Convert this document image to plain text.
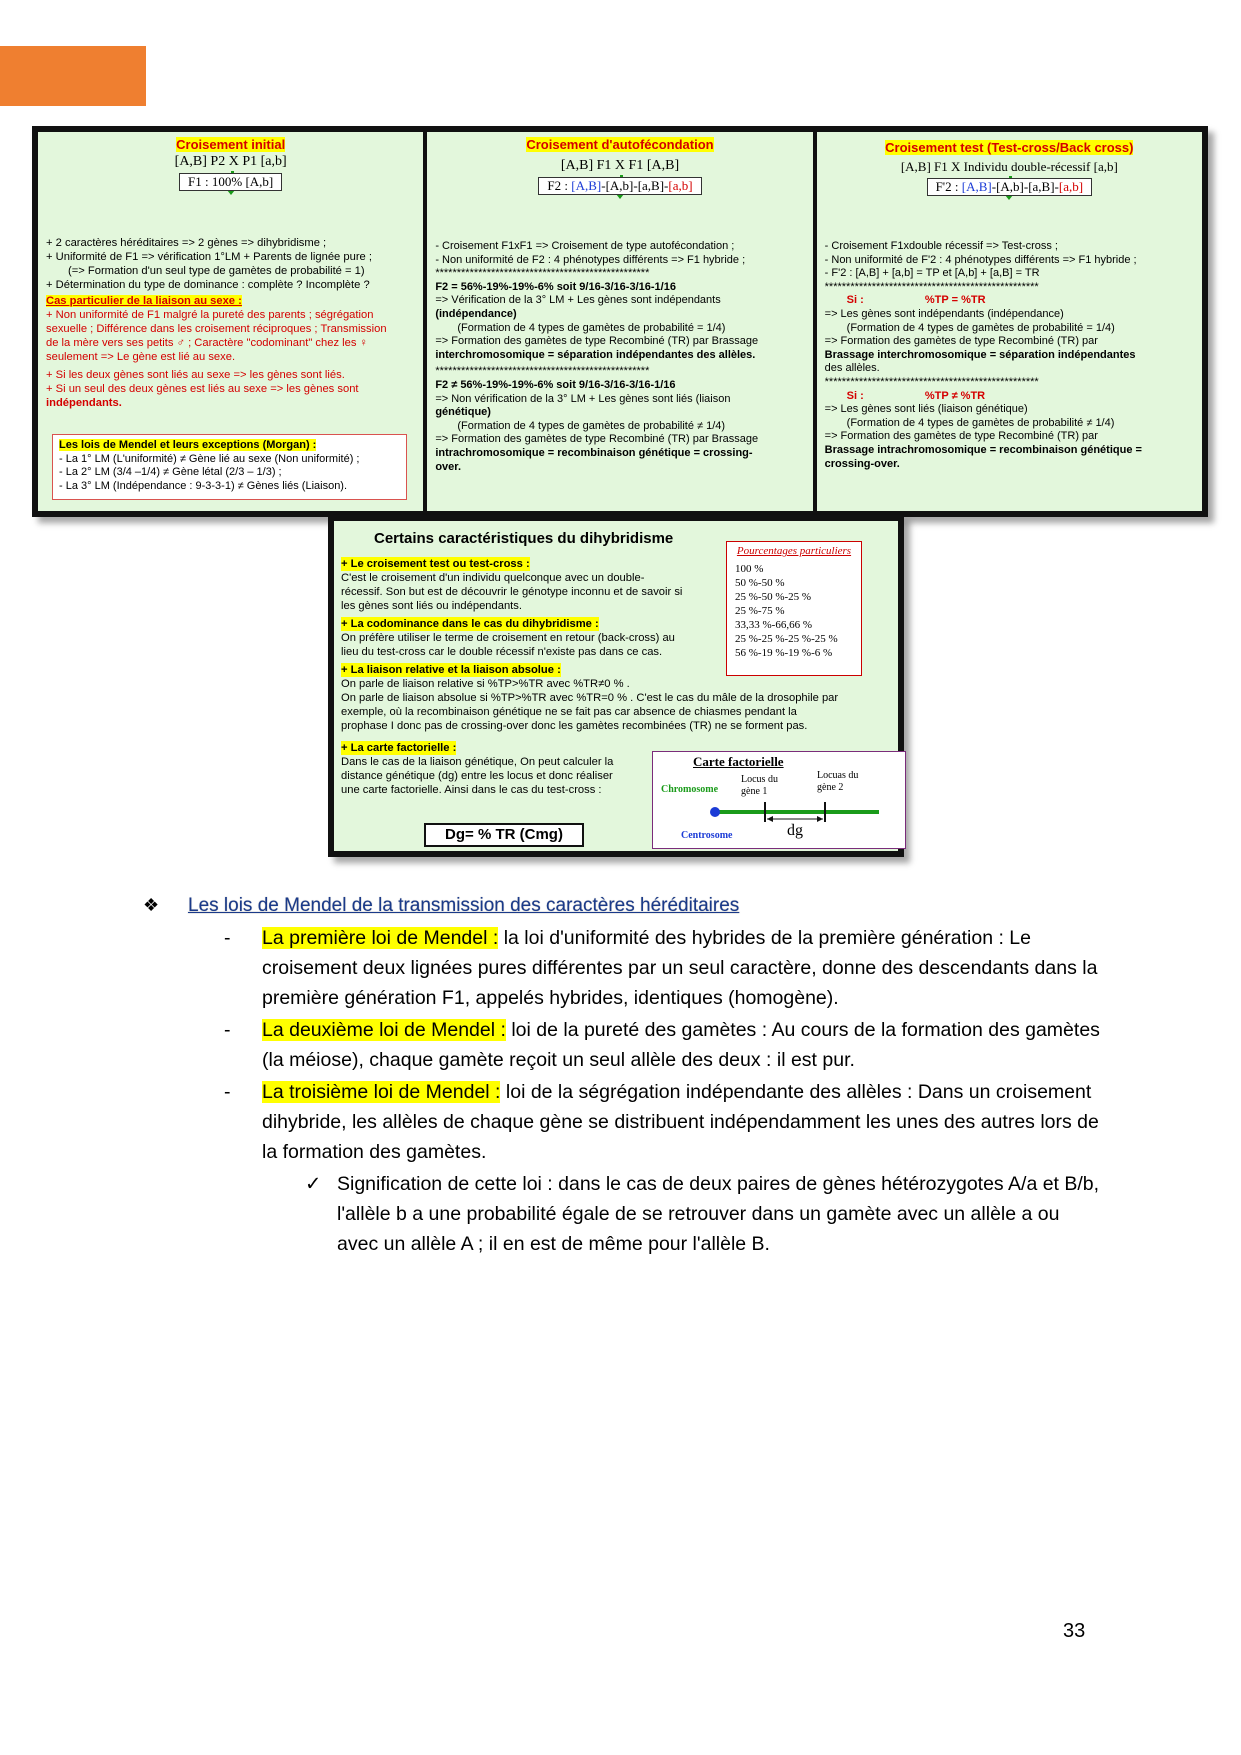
Croisement initial
[A,B] P2 X P1 [a,b]
F1 : 100% [A,b]
+ 2 caractères héréditaires => 2 gènes => dihybridisme ;
+ Uniformité de F1 => vérification 1°LM + Parents de lignée pure ;
(=> Formation d'un seul type de gamètes de probabilité = 1)
+ Détermination du type de dominance : complète ? Incomplète ?
Cas particulier de la liaison au sexe :
+ Non uniformité de F1 malgré la pureté des parents ; ségrégation
sexuelle ; Différence dans les croisement réciproques ; Transmission
de la mère vers ses petits ♂ ; Caractère "codominant" chez les ♀
seulement => Le gène est lié au sexe.
+ Si les deux gènes sont liés au sexe => les gènes sont liés.
+ Si un seul des deux gènes est liés au sexe => les gènes sont
indépendants.
Les lois de Mendel et leurs exceptions (Morgan) :
- La 1° LM (L'uniformité) ≠ Gène lié au sexe (Non uniformité) ;
- La 2° LM (3/4 –1/4) ≠ Gène létal (2/3 – 1/3) ;
- La 3° LM (Indépendance : 9-3-3-1) ≠ Gènes liés (Liaison).
Croisement d'autofécondation
[A,B] F1 X F1 [A,B]
F2 : [A,B]-[A,b]-[a,B]-[a,b]
- Croisement F1xF1 => Croisement de type autofécondation ;
- Non uniformité de F2 : 4 phénotypes différents => F1 hybride ;
**************************************************
F2 = 56%-19%-19%-6% soit 9/16-3/16-3/16-1/16
=> Vérification de la 3° LM + Les gènes sont indépendants
(indépendance)
(Formation de 4 types de gamètes de probabilité = 1/4)
=> Formation des gamètes de type Recombiné (TR) par Brassage
interchromosomique = séparation indépendantes des allèles.
**************************************************
F2 ≠ 56%-19%-19%-6% soit 9/16-3/16-3/16-1/16
=> Non vérification de la 3° LM + Les gènes sont liés (liaison
génétique)
(Formation de 4 types de gamètes de probabilité ≠ 1/4)
=> Formation des gamètes de type Recombiné (TR) par Brassage
intrachromosomique = recombinaison génétique = crossing-
over.
Croisement test (Test-cross/Back cross)
[A,B] F1 X Individu double-récessif [a,b]
F'2 : [A,B]-[A,b]-[a,B]-[a,b]
- Croisement F1xdouble récessif => Test-cross ;
- Non uniformité de F'2 : 4 phénotypes différents => F1 hybride ;
- F'2 : [A,B] + [a,b] = TP et [A,b] + [a,B] = TR
**************************************************
Si :                    %TP = %TR
=> Les gènes sont indépendants (indépendance)
(Formation de 4 types de gamètes de probabilité = 1/4)
=> Formation des gamètes de type Recombiné (TR) par
Brassage interchromosomique = séparation indépendantes
des allèles.
**************************************************
Si :                    %TP ≠ %TR
=> Les gènes sont liés (liaison génétique)
(Formation de 4 types de gamètes de probabilité ≠ 1/4)
=> Formation des gamètes de type Recombiné (TR) par
Brassage intrachromosomique = recombinaison génétique =
crossing-over.
Certains caractéristiques du dihybridisme
+ Le croisement test ou test-cross :
C'est le croisement d'un individu quelconque avec un double-
récessif. Son but est de découvrir le génotype inconnu et de savoir si
les gènes sont liés ou indépendants.
+ La codominance dans le cas du dihybridisme :
On préfère utiliser le terme de croisement en retour (back-cross) au
lieu du test-cross car le double récessif n'existe pas dans ce cas.
+ La liaison relative et la liaison absolue :
On parle de liaison relative si %TP>%TR avec %TR≠0 % .
On parle de liaison absolue si %TP>%TR avec %TR=0 % . C'est le cas du mâle de la drosophile par
exemple, où la recombinaison génétique ne se fait pas car absence de chiasmes pendant la
prophase I donc pas de crossing-over donc les gamètes recombinées (TR) ne se forment pas.
+ La carte factorielle :
Dans le cas de la liaison génétique, On peut calculer la
distance génétique (dg) entre les locus et donc réaliser
une carte factorielle. Ainsi dans le cas du test-cross :
Dg= % TR (Cmg)
Pourcentages particuliers
100 %
50 %-50 %
25 %-50 %-25 %
25 %-75 %
33,33 %-66,66 %
25 %-25 %-25 %-25 %
56 %-19 %-19 %-6 %
Carte factorielle
Chromosome
Locus du
gène 1
Locuas du
gène 2
Centrosome	dg
❖ Les lois de Mendel de la transmission des caractères héréditaires
- La première loi de Mendel : la loi d'uniformité des hybrides de la première génération : Le croisement deux lignées pures différentes par un seul caractère, donne des descendants dans la première génération F1, appelés hybrides, identiques (homogène).
- La deuxième loi de Mendel : loi de la pureté des gamètes : Au cours de la formation des gamètes (la méiose), chaque gamète reçoit un seul allèle des deux : il est pur.
- La troisième loi de Mendel : loi de la ségrégation indépendante des allèles : Dans un croisement dihybride, les allèles de chaque gène se distribuent indépendamment les unes des autres lors de la formation des gamètes.
✓ Signification de cette loi : dans le cas de deux paires de gènes hétérozygotes A/a et B/b, l'allèle b a une probabilité égale de se retrouver dans un gamète avec un allèle a ou avec un allèle A ; il en est de même pour l'allèle B.
33
